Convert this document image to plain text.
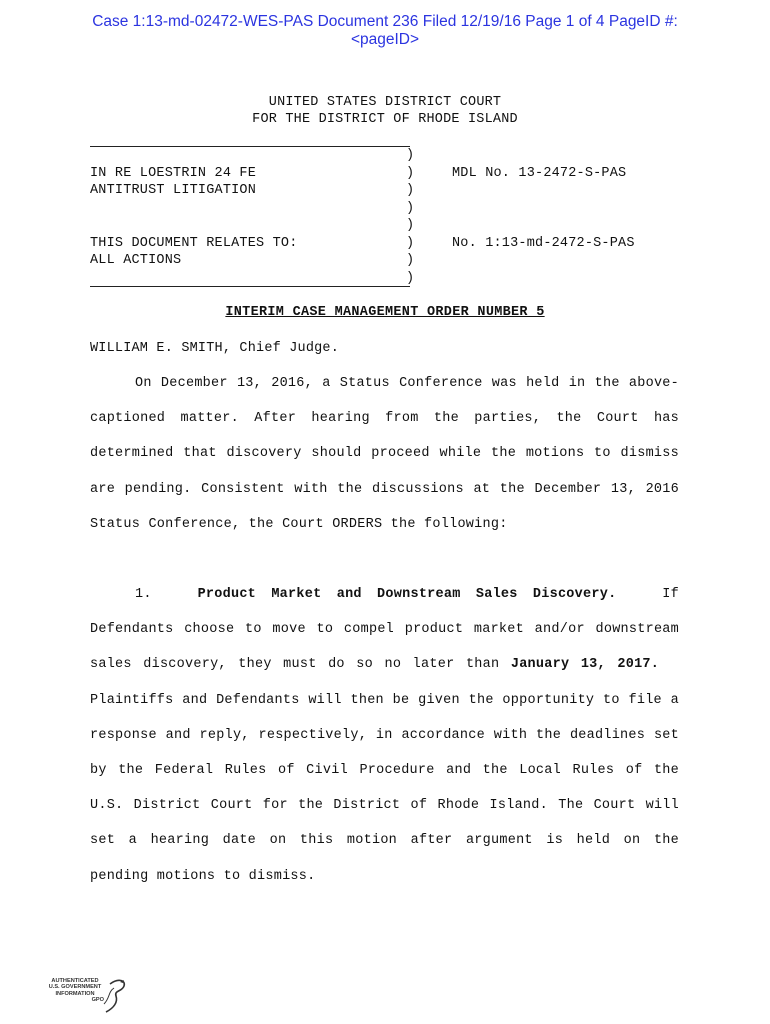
Case 1:13-md-02472-WES-PAS Document 236 Filed 12/19/16 Page 1 of 4 PageID #:
<pageID>
UNITED STATES DISTRICT COURT
FOR THE DISTRICT OF RHODE ISLAND
)
)
)
)
)
)
)
)
IN RE LOESTRIN 24 FE
ANTITRUST LITIGATION
MDL No. 13-2472-S-PAS
THIS DOCUMENT RELATES TO:
ALL ACTIONS
No. 1:13-md-2472-S-PAS
INTERIM CASE MANAGEMENT ORDER NUMBER 5
WILLIAM E. SMITH, Chief Judge.
On December 13, 2016, a Status Conference was held in the above-captioned matter. After hearing from the parties, the Court has determined that discovery should proceed while the motions to dismiss are pending. Consistent with the discussions at the December 13, 2016 Status Conference, the Court ORDERS the following:
1.	Product Market and Downstream Sales Discovery.	If Defendants choose to move to compel product market and/or downstream sales discovery, they must do so no later than January 13, 2017.   Plaintiffs and Defendants will then be given the opportunity to file a response and reply, respectively, in accordance with the deadlines set by the Federal Rules of Civil Procedure and the Local Rules of the U.S. District Court for the District of Rhode Island. The Court will set a hearing date on this motion after argument is held on the pending motions to dismiss.
AUTHENTICATED
U.S. GOVERNMENT
INFORMATION
GPO
